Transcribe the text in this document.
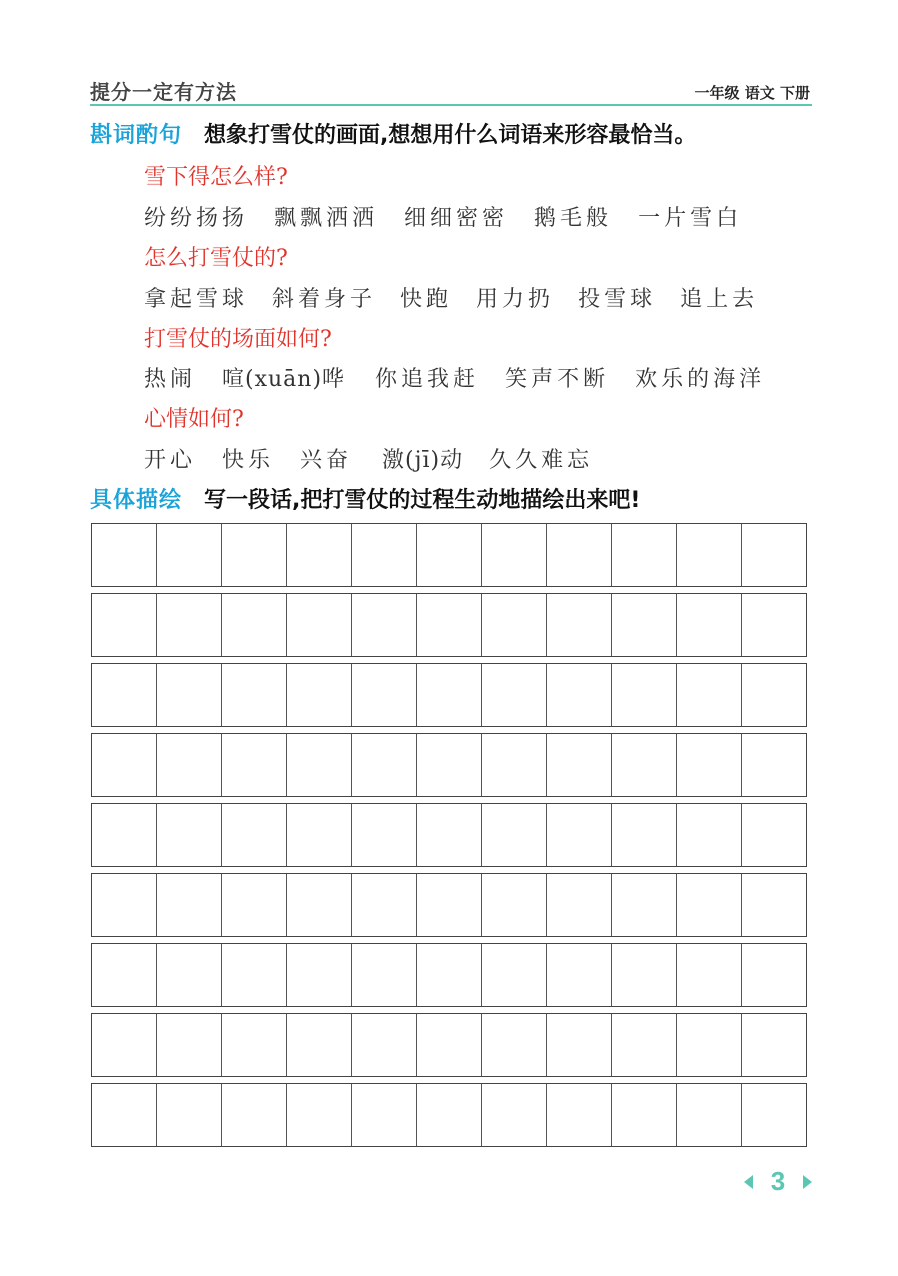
提分一定有方法	一年级 语文 下册
斟词酌句 想象打雪仗的画面,想想用什么词语来形容最恰当。
雪下得怎么样?
纷纷扬扬 飘飘洒洒 细细密密 鹅毛般 一片雪白
怎么打雪仗的?
拿起雪球 斜着身子 快跑 用力扔 投雪球 追上去
打雪仗的场面如何?
热闹 喧(xuān)哗 你追我赶 笑声不断 欢乐的海洋
心情如何?
开心 快乐 兴奋 激(jī)动 久久难忘
具体描绘 写一段话,把打雪仗的过程生动地描绘出来吧!
3
